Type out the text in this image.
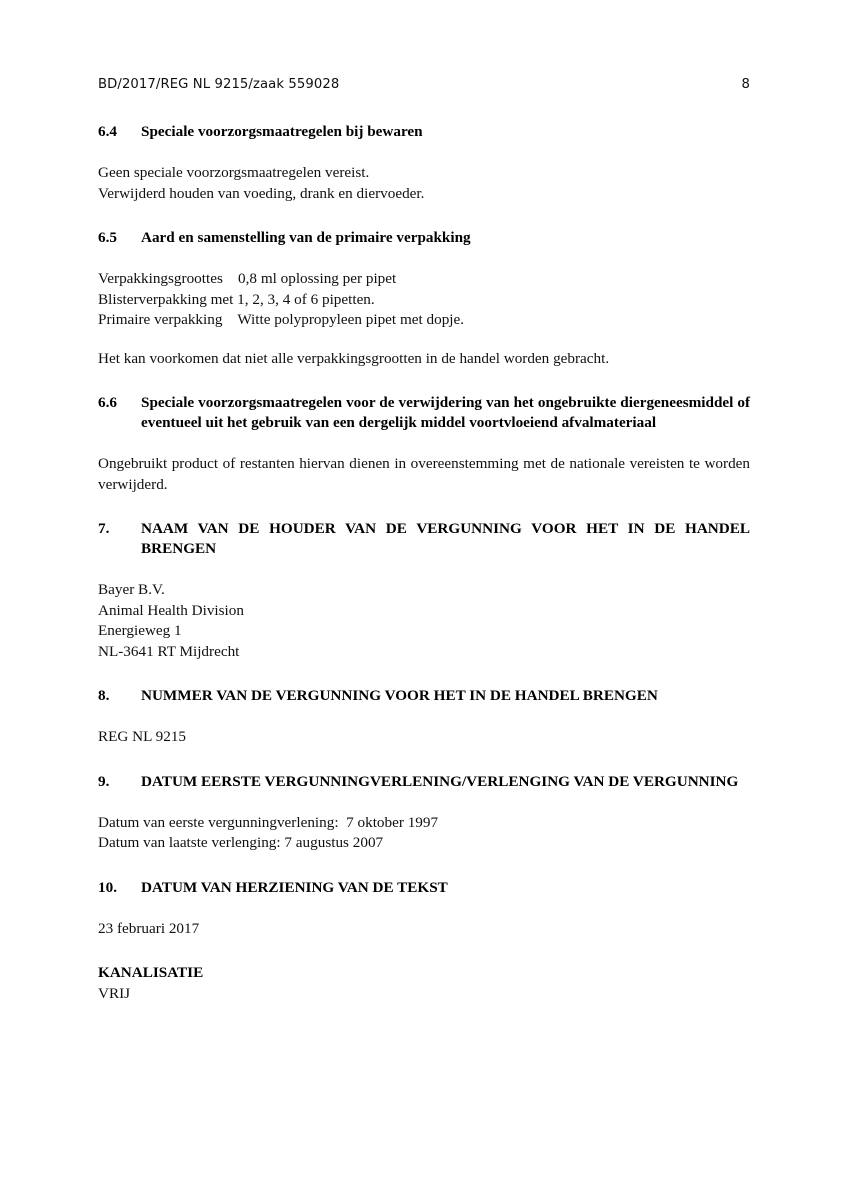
BD/2017/REG NL 9215/zaak 559028	8
6.4	Speciale voorzorgsmaatregelen bij bewaren
Geen speciale voorzorgsmaatregelen vereist.
Verwijderd houden van voeding, drank en diervoeder.
6.5	Aard en samenstelling van de primaire verpakking
Verpakkingsgroottes    0,8 ml oplossing per pipet
Blisterverpakking met 1, 2, 3, 4 of 6 pipetten.
Primaire verpakking    Witte polypropyleen pipet met dopje.
Het kan voorkomen dat niet alle verpakkingsgrootten in de handel worden gebracht.
6.6	Speciale voorzorgsmaatregelen voor de verwijdering van het ongebruikte diergeneesmiddel of eventueel uit het gebruik van een dergelijk middel voortvloeiend afvalmateriaal
Ongebruikt product of restanten hiervan dienen in overeenstemming met de nationale vereisten te worden verwijderd.
7.	NAAM VAN DE HOUDER VAN DE VERGUNNING VOOR HET IN DE HANDEL BRENGEN
Bayer B.V.
Animal Health Division
Energieweg 1
NL-3641 RT Mijdrecht
8.	NUMMER VAN DE VERGUNNING VOOR HET IN DE HANDEL BRENGEN
REG NL 9215
9.	DATUM EERSTE VERGUNNINGVERLENING/VERLENGING VAN DE VERGUNNING
Datum van eerste vergunningverlening:  7 oktober 1997
Datum van laatste verlenging: 7 augustus 2007
10.	DATUM VAN HERZIENING VAN DE TEKST
23 februari 2017
KANALISATIE
VRIJ
